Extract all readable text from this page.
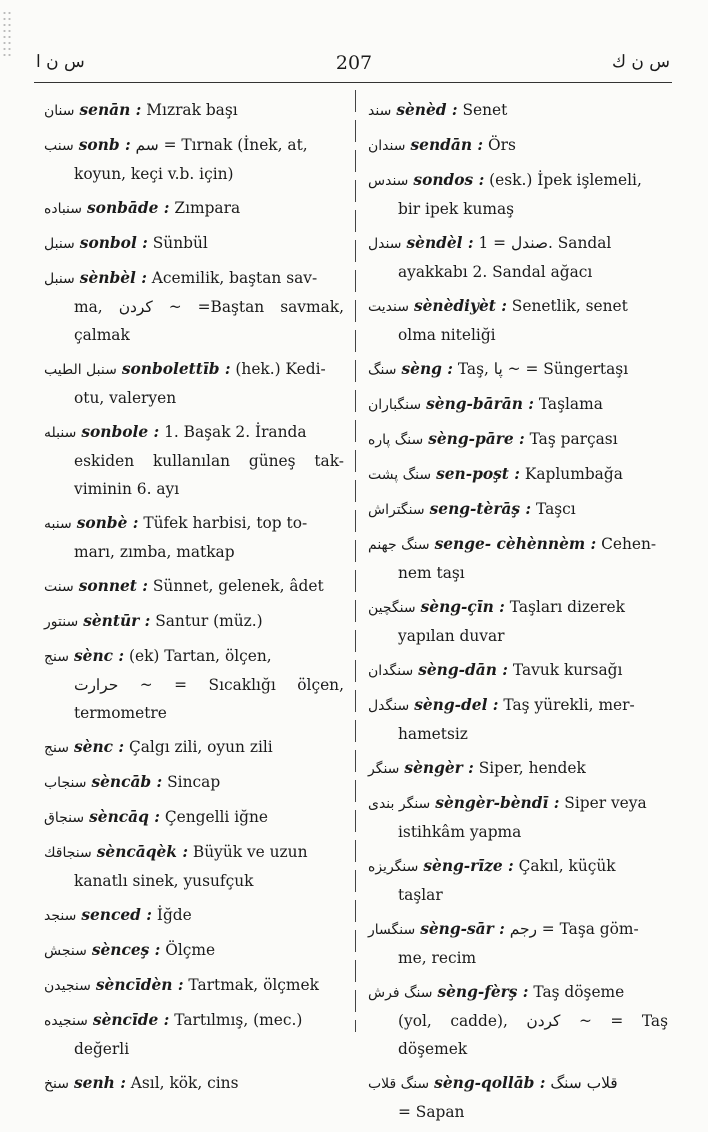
س ن ا	207	س ن ك

سنان senān : Mızrak başı

سنب sonb : سم = Tırnak (İnek, at,
koyun, keçi v.b. için)

سنباده sonbāde : Zımpara

سنبل sonbol : Sünbül

سنبل sènbèl : Acemilik, baştan sav-
ma, کردن ~ =Baştan savmak, çalmak

سنبل الطيب sonbolettīb : (hek.) Kedi-
otu, valeryen

سنبله sonbole : 1. Başak 2. İranda
eskiden kullanılan güneş tak-viminin 6. ayı

سنبه sonbè : Tüfek harbisi, top to-
marı, zımba, matkap

سنت sonnet : Sünnet, gelenek, âdet

سنتور sèntūr : Santur (müz.)

سنج sènc : (ek) Tartan, ölçen,
حرارت ~ = Sıcaklığı ölçen, termometre

سنج sènc : Çalgı zili, oyun zili

سنجاب sèncāb : Sincap

سنجاق sèncāq : Çengelli iğne

سنجاقك sèncāqèk : Büyük ve uzun
kanatlı sinek, yusufçuk

سنجد senced : İğde

سنجش sènceş : Ölçme

سنجيدن sèncīdèn : Tartmak, ölçmek

سنجيده sèncīde : Tartılmış, (mec.)
değerli

سنخ senh : Asıl, kök, cins

سند sènèd : Senet

سندان sendān : Örs

سندس sondos : (esk.) İpek işlemeli,
bir ipek kumaş

سندل sèndèl : صندل = 1. Sandal
ayakkabı 2. Sandal ağacı

سنديت sènèdiyèt : Senetlik, senet
olma niteliği

سنگ sèng : Taş, پا ~ = Süngertaşı

سنگباران sèng-bārān : Taşlama

سنگ پاره sèng-pāre : Taş parçası

سنگ پشت sen-poşt : Kaplumbağa

سنگتراش seng-tèrāş : Taşcı

سنگ جهنم senge- cèhènnèm : Cehen-
nem taşı

سنگچين sèng-çīn : Taşları dizerek
yapılan duvar

سنگدان sèng-dān : Tavuk kursağı

سنگدل sèng-del : Taş yürekli, mer-
hametsiz

سنگر sèngèr : Siper, hendek

سنگر بندى sèngèr-bèndī : Siper veya
istihkâm yapma

سنگريزه sèng-rīze : Çakıl, küçük
taşlar

سنگسار sèng-sār : رجم = Taşa göm-
me, recim

سنگ فرش sèng-fèrş : Taş döşeme
(yol, cadde), كردن ~ = Taş döşemek

سنگ قلاب sèng-qollāb : قلاب سنگ
= Sapan
